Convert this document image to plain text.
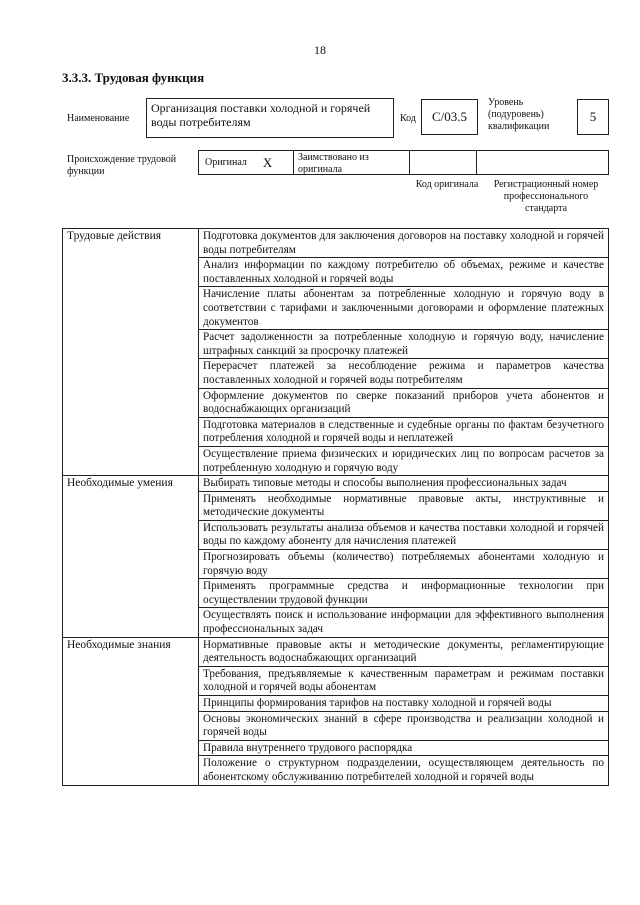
18
3.3.3. Трудовая функция
Наименование
Организация поставки холодной и горячей воды потребителям	Код	C/03.5
Уровень (подуровень) квалификации
5
Происхождение трудовой функции
Оригинал X	Заимствовано из оригинала
Код оригинала	Регистрационный номер профессионального стандарта
Трудовые действия	Подготовка документов для заключения договоров на поставку холодной и горячей воды потребителям
	Анализ информации по каждому потребителю об объемах, режиме и качестве поставленных холодной и горячей воды
	Начисление платы абонентам за потребленные холодную и горячую воду в соответствии с тарифами и заключенными договорами и оформление платежных документов
	Расчет задолженности за потребленные холодную и горячую воду, начисление штрафных санкций за просрочку платежей
	Перерасчет платежей за несоблюдение режима и параметров качества поставленных холодной и горячей воды потребителям
	Оформление документов по сверке показаний приборов учета абонентов и водоснабжающих организаций
	Подготовка материалов в следственные и судебные органы по фактам безучетного потребления холодной и горячей воды и неплатежей
	Осуществление приема физических и юридических лиц по вопросам расчетов за потребленную холодную и горячую воду
Необходимые умения	Выбирать типовые методы и способы выполнения профессиональных задач
	Применять необходимые нормативные правовые акты, инструктивные и методические документы
	Использовать результаты анализа объемов и качества поставки холодной и горячей воды по каждому абоненту для начисления платежей
	Прогнозировать объемы (количество) потребляемых абонентами холодную и горячую воду
	Применять программные средства и информационные технологии при осуществлении трудовой функции
	Осуществлять поиск и использование информации для эффективного выполнения профессиональных задач
Необходимые знания	Нормативные правовые акты и методические документы, регламентирующие деятельность водоснабжающих организаций
	Требования, предъявляемые к качественным параметрам и режимам поставки холодной и горячей воды абонентам
	Принципы формирования тарифов на поставку холодной и горячей воды
	Основы экономических знаний в сфере производства и реализации холодной и горячей воды
	Правила внутреннего трудового распорядка
	Положение о структурном подразделении, осуществляющем деятельность по абонентскому обслуживанию потребителей холодной и горячей воды
